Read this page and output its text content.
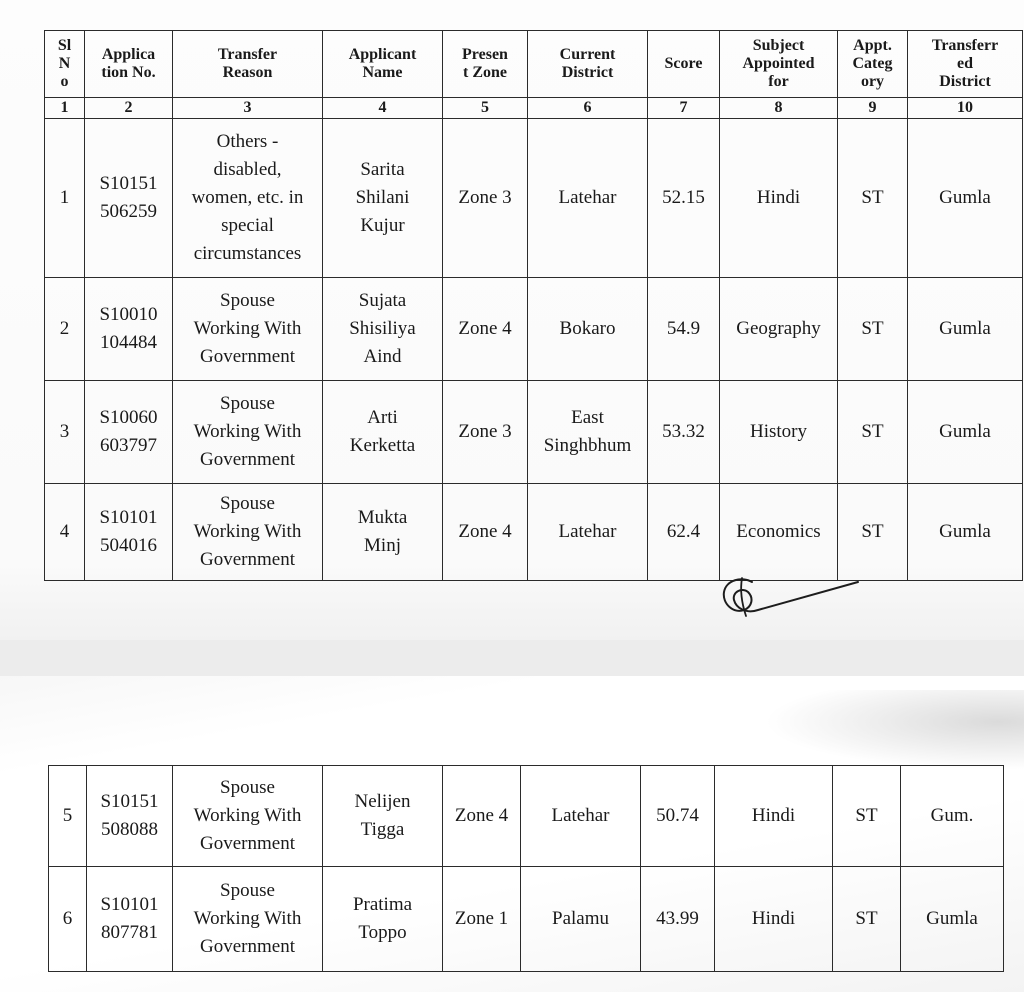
Sl
N
o	Applica
tion No.	Transfer
Reason	Applicant
Name	Presen
t Zone	Current
District	Score	Subject
Appointed
for	Appt.
Categ
ory	Transferr
ed
District
1	2	3	4	5	6	7	8	9	10
1	S10151
506259	Others -
disabled,
women, etc. in
special
circumstances	Sarita
Shilani
Kujur	Zone 3	Latehar	52.15	Hindi	ST	Gumla
2	S10010
104484	Spouse
Working With
Government	Sujata
Shisiliya
Aind	Zone 4	Bokaro	54.9	Geography	ST	Gumla
3	S10060
603797	Spouse
Working With
Government	Arti
Kerketta	Zone 3	East
Singhbhum	53.32	History	ST	Gumla
4	S10101
504016	Spouse
Working With
Government	Mukta
Minj	Zone 4	Latehar	62.4	Economics	ST	Gumla
5	S10151
508088	Spouse
Working With
Government	Nelijen
Tigga	Zone 4	Latehar	50.74	Hindi	ST	Gum.
6	S10101
807781	Spouse
Working With
Government	Pratima
Toppo	Zone 1	Palamu	43.99	Hindi	ST	Gumla
